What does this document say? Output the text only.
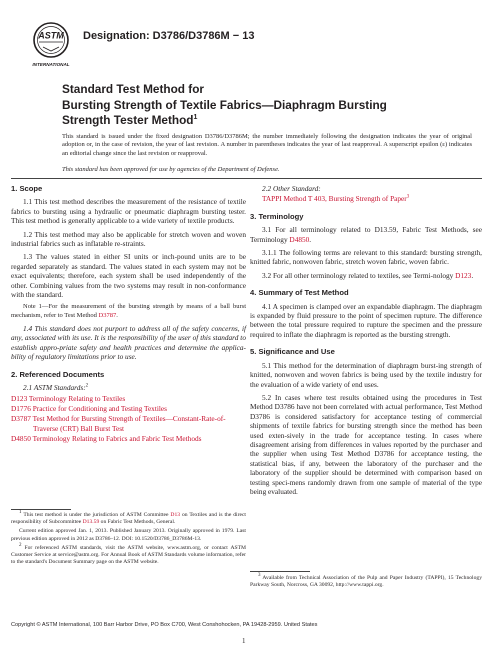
ASTM
INTERNATIONAL
Designation: D3786/D3786M − 13
Standard Test Method for
Bursting Strength of Textile Fabrics—Diaphragm Bursting
Strength Tester Method$^1$
This standard is issued under the fixed designation D3786/D3786M; the number immediately following the designation indicates the year of original adoption or, in the case of revision, the year of last revision. A number in parentheses indicates the year of last reapproval. A superscript epsilon (ε) indicates an editorial change since the last revision or reapproval.
This standard has been approved for use by agencies of the Department of Defense.
1. Scope

1.1 This test method describes the measurement of the resistance of textile fabrics to bursting using a hydraulic or pneumatic diaphragm bursting tester. This test method is generally applicable to a wide variety of textile products.

1.2 This test method may also be applicable for stretch woven and woven industrial fabrics such as inflatable re-straints.

1.3 The values stated in either SI units or inch-pound units are to be regarded separately as standard. The values stated in each system may not be exact equivalents; therefore, each system shall be used independently of the other. Combining values from the two systems may result in non-conformance with the standard.

Note 1—For the measurement of the bursting strength by means of a ball burst mechanism, refer to Test Method D3787.

1.4 This standard does not purport to address all of the safety concerns, if any, associated with its use. It is the responsibility of the user of this standard to establish appro-priate safety and health practices and determine the applica-bility of regulatory limitations prior to use.

2. Referenced Documents
2.1 ASTM Standards:$^2$
D123 Terminology Relating to Textiles
D1776 Practice for Conditioning and Testing Textiles
D3787 Test Method for Bursting Strength of Textiles—Constant-Rate-of-Traverse (CRT) Ball Burst Test
D4850 Terminology Relating to Fabrics and Fabric Test Methods

$^1$ This test method is under the jurisdiction of ASTM Committee D13 on Textiles and is the direct responsibility of Subcommittee D13.59 on Fabric Test Methods, General.

Current edition approved Jan. 1, 2013. Published January 2013. Originally approved in 1979. Last previous edition approved in 2012 as D3786–12. DOI: 10.1520/D3786_D3786M-13.

$^2$ For referenced ASTM standards, visit the ASTM website, www.astm.org, or contact ASTM Customer Service at service@astm.org. For Annual Book of ASTM Standards volume information, refer to the standard's Document Summary page on the ASTM website.

2.2 Other Standard:
TAPPI Method T 403, Bursting Strength of Paper$^3$
3. Terminology

3.1 For all terminology related to D13.59, Fabric Test Methods, see Terminology D4850.

3.1.1 The following terms are relevant to this standard: bursting strength, knitted fabric, nonwoven fabric, stretch woven fabric, woven fabric.

3.2 For all other terminology related to textiles, see Termi-nology D123.

4. Summary of Test Method

4.1 A specimen is clamped over an expandable diaphragm. The diaphragm is expanded by fluid pressure to the point of specimen rupture. The difference between the total pressure required to rupture the specimen and the pressure required to inflate the diaphragm is reported as the bursting strength.

5. Significance and Use

5.1 This method for the determination of diaphragm burst-ing strength of knitted, nonwoven and woven fabrics is being used by the textile industry for the evaluation of a wide variety of end uses.

5.2 In cases where test results obtained using the procedures in Test Method D3786 have not been correlated with actual performance, Test Method D3786 is considered satisfactory for acceptance testing of commercial shipments of textile fabrics for bursting strength since the method has been used exten-sively in the trade for acceptance testing. In cases where disagreement arising from differences in values reported by the purchaser and the supplier when using Test Method D3786 for acceptance testing, the statistical bias, if any, between the laboratory of the purchaser and the laboratory of the supplier should be determined with comparison based on testing speci-mens randomly drawn from one sample of material of the type being evaluated.

$^3$ Available from Technical Association of the Pulp and Paper Industry (TAPPI), 15 Technology Parkway South, Norcross, GA 30092, http://www.tappi.org.

Copyright © ASTM International, 100 Barr Harbor Drive, PO Box C700, West Conshohocken, PA 19428-2959. United States
1
